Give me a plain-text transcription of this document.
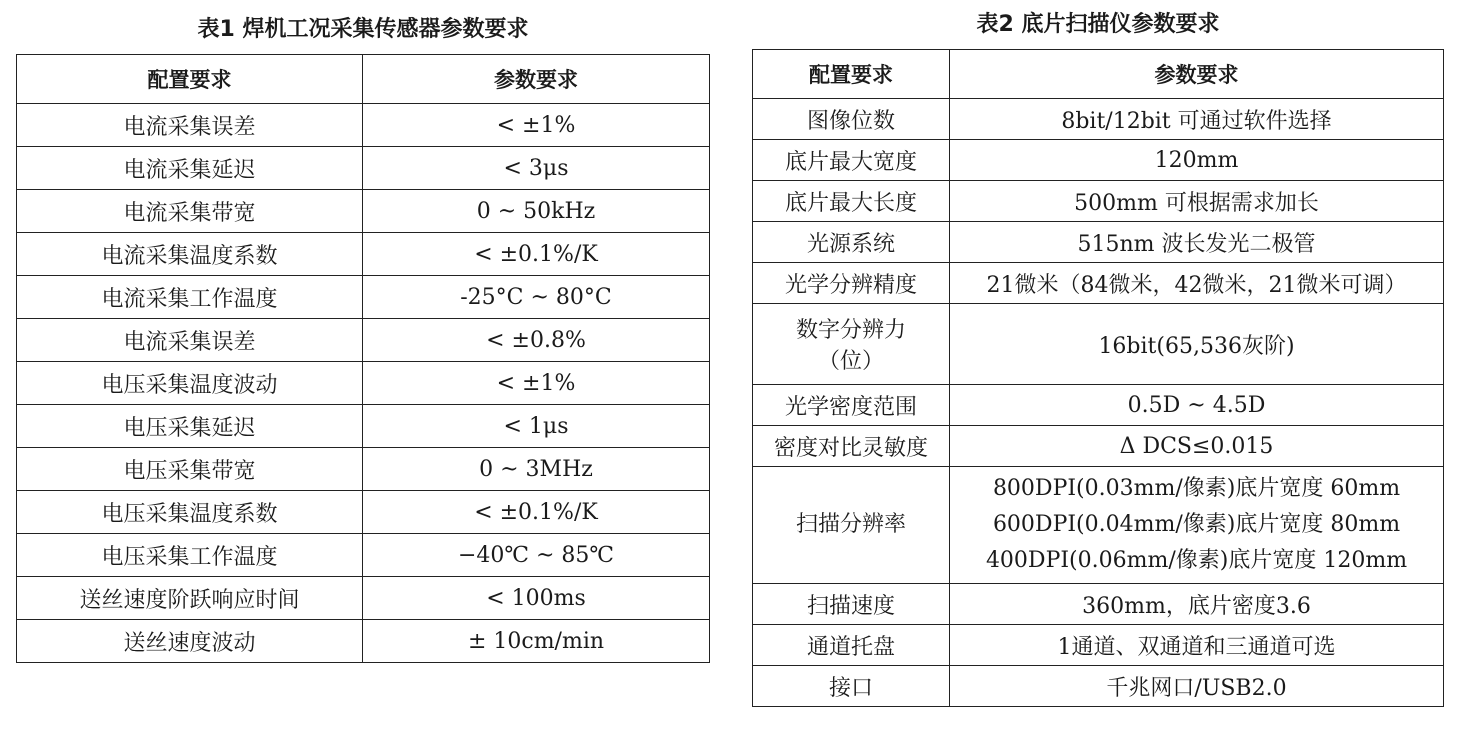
表1 焊机工况采集传感器参数要求
配置要求	参数要求
电流采集误差	< ±1%
电流采集延迟	< 3μs
电流采集带宽	0 ~ 50kHz
电流采集温度系数	< ±0.1%/K
电流采集工作温度	-25°C ~ 80°C
电流采集误差	< ±0.8%
电压采集温度波动	< ±1%
电压采集延迟	< 1μs
电压采集带宽	0 ~ 3MHz
电压采集温度系数	< ±0.1%/K
电压采集工作温度	−40℃ ~ 85℃
送丝速度阶跃响应时间	< 100ms
送丝速度波动	± 10cm/min
表2 底片扫描仪参数要求
配置要求	参数要求
图像位数	8bit/12bit 可通过软件选择
底片最大宽度	120mm
底片最大长度	500mm 可根据需求加长
光源系统	515nm 波长发光二极管
光学分辨精度	21微米（84微米，42微米，21微米可调）

数字分辨力
（位）	16bit(65,536灰阶)
光学密度范围	0.5D ~ 4.5D
密度对比灵敏度	Δ DCS≤0.015
扫描分辨率	800DPI(0.03mm/像素)底片宽度 60mm
600DPI(0.04mm/像素)底片宽度 80mm
400DPI(0.06mm/像素)底片宽度 120mm

扫描速度	360mm，底片密度3.6
通道托盘	1通道、双通道和三通道可选
接口	千兆网口/USB2.0
